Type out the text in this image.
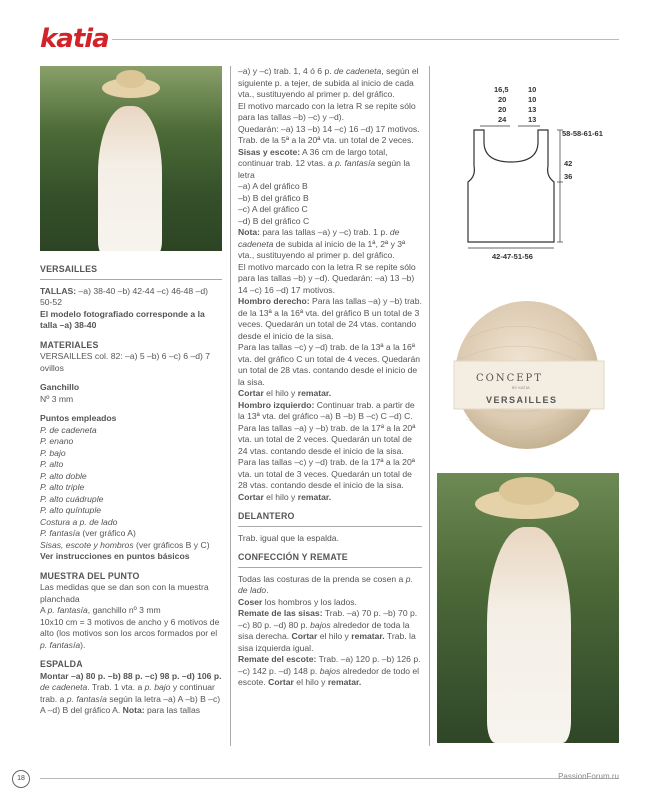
katia

VERSAILLES

TALLAS: –a) 38-40 –b) 42-44 –c) 46-48 –d) 50-52

El modelo fotografiado corresponde a la talla –a) 38-40

MATERIALES

VERSAILLES col. 82: –a) 5 –b) 6 –c) 6 –d) 7 ovillos

Ganchillo

Nº 3 mm

Puntos empleados

P. de cadeneta

P. enano

P. bajo

P. alto

P. alto doble

P. alto triple

P. alto cuádruple

P. alto quíntuple

Costura a p. de lado

P. fantasía (ver gráfico A)

Sisas, escote y hombros (ver gráficos B y C)

Ver instrucciones en puntos básicos

MUESTRA DEL PUNTO

Las medidas que se dan son con la muestra planchada

A p. fantasía, ganchillo nº 3 mm

10x10 cm = 3 motivos de ancho y 6 motivos de alto (los motivos son los arcos formados por el p. fantasía).

ESPALDA

Montar –a) 80 p. –b) 88 p. –c) 98 p. –d) 106 p. de cadeneta. Trab. 1 vta. a p. bajo y continuar trab. a p. fantasía según la letra –a) A –b) B –c) A –d) B del gráfico A. Nota: para las tallas

–a) y –c) trab. 1, 4 ó 6 p. de cadeneta, según el siguiente p. a tejer, de subida al inicio de cada vta., sustituyendo al primer p. del gráfico.

El motivo marcado con la letra R se repite sólo para las tallas –b) –c) y –d).

Quedarán: –a) 13 –b) 14 –c) 16 –d) 17 motivos.

Trab. de la 5ª a la 20ª vta. un total de 2 veces.

Sisas y escote: A 36 cm de largo total, continuar trab. 12 vtas. a p. fantasía según la letra

–a) A del gráfico B

–b) B del gráfico B

–c) A del gráfico C

–d) B del gráfico C

Nota: para las tallas –a) y –c) trab. 1 p. de cadeneta de subida al inicio de la 1ª, 2ª y 3ª vta., sustituyendo al primer p. del gráfico.

El motivo marcado con la letra R se repite sólo para las tallas –b) y –d). Quedarán: –a) 13 –b) 14 –c) 16 –d) 17 motivos.

Hombro derecho: Para las tallas –a) y –b) trab. de la 13ª a la 16ª vta. del gráfico B un total de 3 veces. Quedarán un total de 24 vtas. contando desde el inicio de la sisa.

Para las tallas –c) y –d) trab. de la 13ª a la 16ª vta. del gráfico C un total de 4 veces. Quedarán un total de 28 vtas. contando desde el inicio de la sisa.

Cortar el hilo y rematar.

Hombro izquierdo: Continuar trab. a partir de la 13ª vta. del gráfico –a) B –b) B –c) C –d) C.

Para las tallas –a) y –b) trab. de la 17ª a la 20ª vta. un total de 2 veces. Quedarán un total de 24 vtas. contando desde el inicio de la sisa.

Para las tallas –c) y –d) trab. de la 17ª a la 20ª vta. un total de 3 veces. Quedarán un total de 28 vtas. contando desde el inicio de la sisa.

Cortar el hilo y rematar.

DELANTERO

Trab. igual que la espalda.

CONFECCIÓN Y REMATE

Todas las costuras de la prenda se cosen a p. de lado.

Coser los hombros y los lados.

Remate de las sisas: Trab. –a) 70 p. –b) 70 p. –c) 80 p. –d) 80 p. bajos alrededor de toda la sisa derecha. Cortar el hilo y rematar. Trab. la sisa izquierda igual.

Remate del escote: Trab. –a) 120 p. –b) 126 p. –c) 142 p. –d) 148 p. bajos alrededor de todo el escote. Cortar el hilo y rematar.

16,5	10
20	10
20	13
24	13
58-58-61-61
42
36
42-47-51-56
CONCEPT
BY KATIA
VERSAILLES
18	PassionForum.ru
